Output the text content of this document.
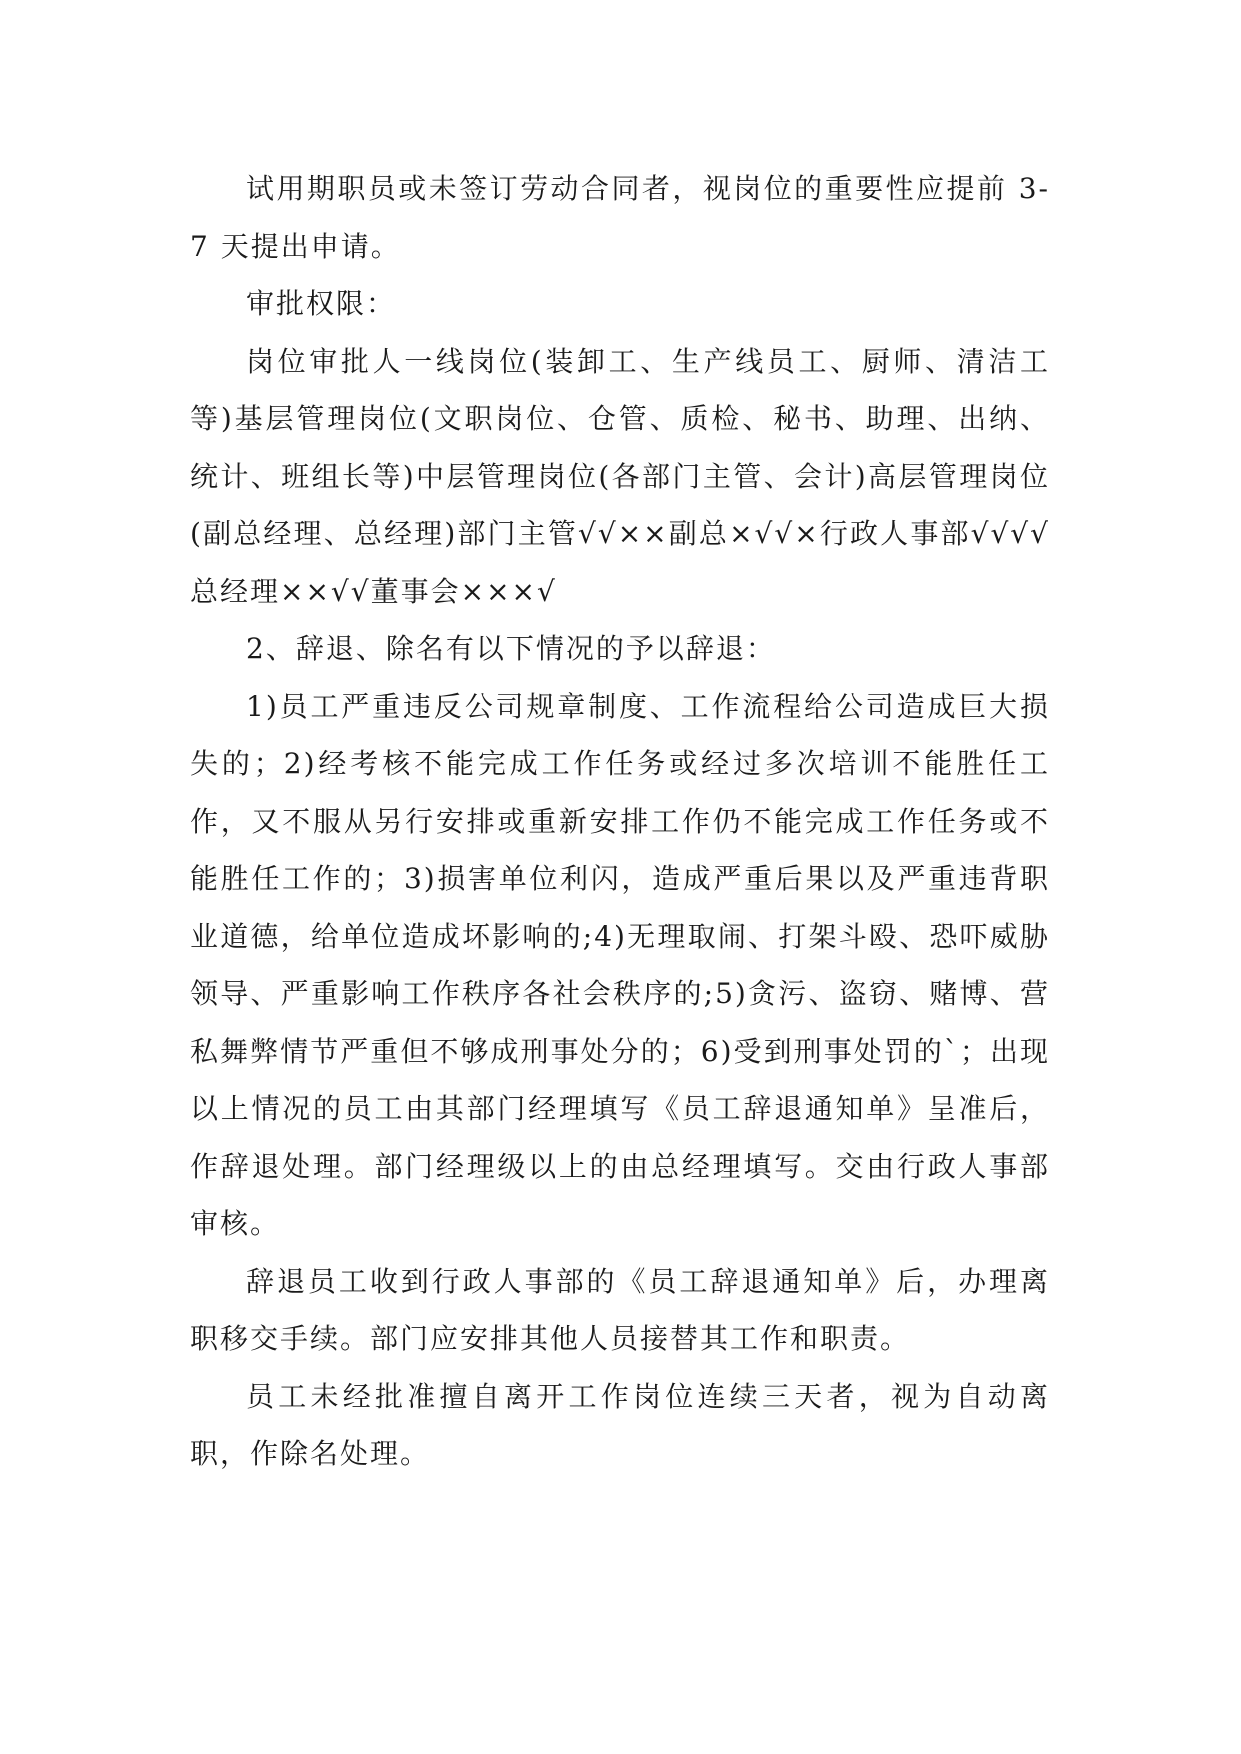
试用期职员或未签订劳动合同者，视岗位的重要性应提前 3-7 天提出申请。

审批权限：

岗位审批人一线岗位(装卸工、生产线员工、厨师、清洁工等)基层管理岗位(文职岗位、仓管、质检、秘书、助理、出纳、统计、班组长等)中层管理岗位(各部门主管、会计)高层管理岗位(副总经理、总经理)部门主管√√××副总×√√×行政人事部√√√√总经理××√√董事会×××√

2、辞退、除名有以下情况的予以辞退：

1)员工严重违反公司规章制度、工作流程给公司造成巨大损失的；2)经考核不能完成工作任务或经过多次培训不能胜任工作，又不服从另行安排或重新安排工作仍不能完成工作任务或不能胜任工作的；3)损害单位利闪，造成严重后果以及严重违背职业道德，给单位造成坏影响的;4)无理取闹、打架斗殴、恐吓威胁领导、严重影响工作秩序各社会秩序的;5)贪污、盗窃、赌博、营私舞弊情节严重但不够成刑事处分的；6)受到刑事处罚的`；出现以上情况的员工由其部门经理填写《员工辞退通知单》呈准后，作辞退处理。部门经理级以上的由总经理填写。交由行政人事部审核。

辞退员工收到行政人事部的《员工辞退通知单》后，办理离职移交手续。部门应安排其他人员接替其工作和职责。

员工未经批准擅自离开工作岗位连续三天者，视为自动离职，作除名处理。
